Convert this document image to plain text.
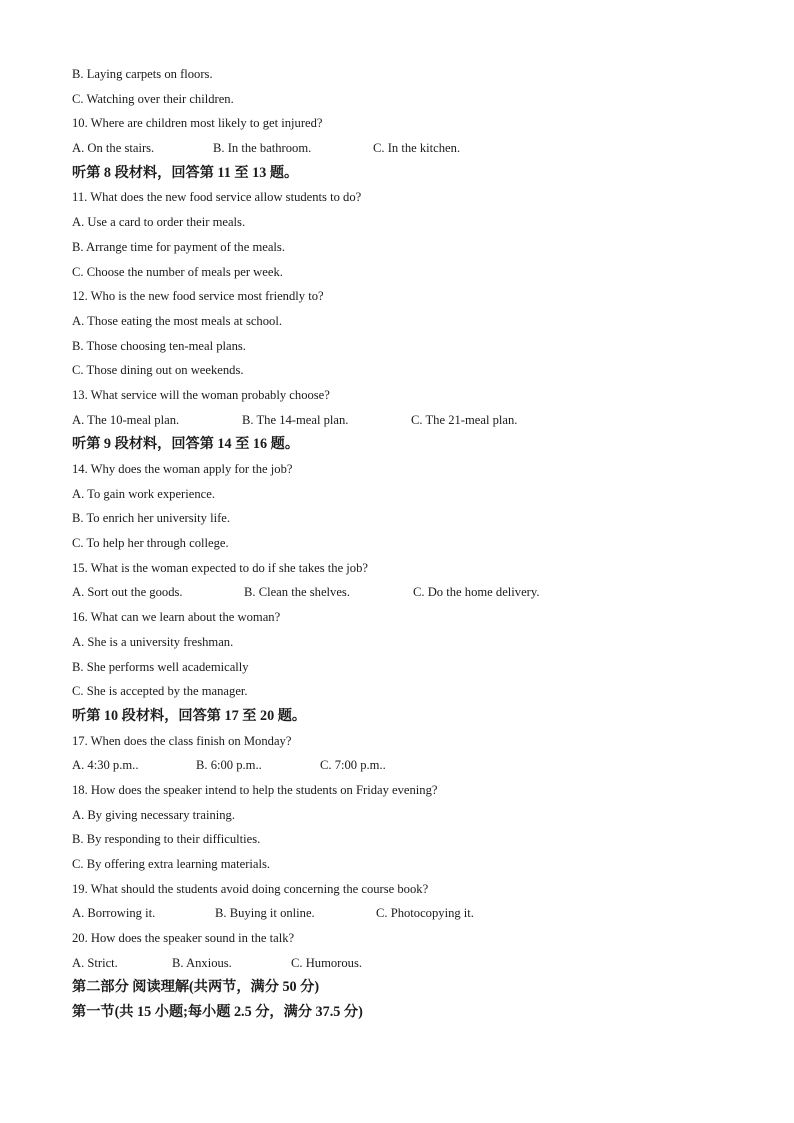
B. Laying carpets on floors.
C. Watching over their children.
10. Where are children most likely to get injured?
A. On the stairs.	B. In the bathroom.	C. In the kitchen.
听第 8 段材料，回答第 11 至 13 题。
11. What does the new food service allow students to do?
A. Use a card to order their meals.
B. Arrange time for payment of the meals.
C. Choose the number of meals per week.
12. Who is the new food service most friendly to?
A. Those eating the most meals at school.
B. Those choosing ten-meal plans.
C. Those dining out on weekends.
13. What service will the woman probably choose?
A. The 10-meal plan.	B. The 14-meal plan.	C. The 21-meal plan.
听第 9 段材料，回答第 14 至 16 题。
14. Why does the woman apply for the job?
A. To gain work experience.
B. To enrich her university life.
C. To help her through college.
15. What is the woman expected to do if she takes the job?
A. Sort out the goods.	B. Clean the shelves.	C. Do the home delivery.
16. What can we learn about the woman?
A. She is a university freshman.
B. She performs well academically
C. She is accepted by the manager.
听第 10 段材料，回答第 17 至 20 题。
17. When does the class finish on Monday?
A. 4:30 p.m..	B. 6:00 p.m..	C. 7:00 p.m..
18. How does the speaker intend to help the students on Friday evening?
A. By giving necessary training.
B. By responding to their difficulties.
C. By offering extra learning materials.
19. What should the students avoid doing concerning the course book?
A. Borrowing it.	B. Buying it online.	C. Photocopying it.
20. How does the speaker sound in the talk?
A. Strict.	B. Anxious.	C. Humorous.
第二部分 阅读理解(共两节，满分 50 分)
第一节(共 15 小题;每小题 2.5 分，满分 37.5 分)
